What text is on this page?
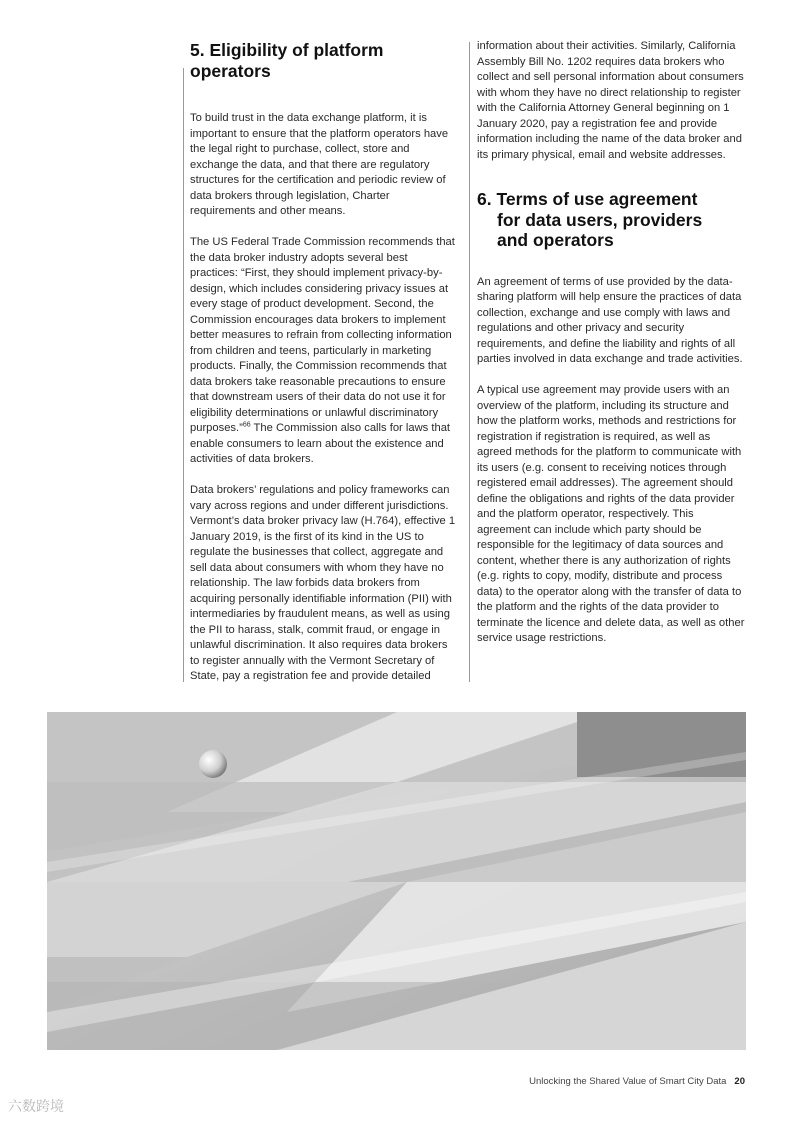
5. Eligibility of platform operators

To build trust in the data exchange platform, it is important to ensure that the platform operators have the legal right to purchase, collect, store and exchange the data, and that there are regulatory structures for the certification and periodic review of data brokers through legislation, Charter requirements and other means.

The US Federal Trade Commission recommends that the data broker industry adopts several best practices: “First, they should implement privacy-by-design, which includes considering privacy issues at every stage of product development. Second, the Commission encourages data brokers to implement better measures to refrain from collecting information from children and teens, particularly in marketing products. Finally, the Commission recommends that data brokers take reasonable precautions to ensure that downstream users of their data do not use it for eligibility determinations or unlawful discriminatory purposes.”$^{66}$ The Commission also calls for laws that enable consumers to learn about the existence and activities of data brokers.

Data brokers’ regulations and policy frameworks can vary across regions and under different jurisdictions. Vermont’s data broker privacy law (H.764), effective 1 January 2019, is the first of its kind in the US to regulate the businesses that collect, aggregate and sell data about consumers with whom they have no relationship. The law forbids data brokers from acquiring personally identifiable information (PII) with intermediaries by fraudulent means, as well as using the PII to harass, stalk, commit fraud, or engage in unlawful discrimination. It also requires data brokers to register annually with the Vermont Secretary of State, pay a registration fee and provide detailed

information about their activities. Similarly, California Assembly Bill No. 1202 requires data brokers who collect and sell personal information about consumers with whom they have no direct relationship to register with the California Attorney General beginning on 1 January 2020, pay a registration fee and provide information including the name of the data broker and its primary physical, email and website addresses.

6. Terms of use agreement
for data users, providers
and operators

An agreement of terms of use provided by the data-sharing platform will help ensure the practices of data collection, exchange and use comply with laws and regulations and other privacy and security requirements, and define the liability and rights of all parties involved in data exchange and trade activities.

A typical use agreement may provide users with an overview of the platform, including its structure and how the platform works, methods and restrictions for registration if registration is required, as well as agreed methods for the platform to communicate with its users (e.g. consent to receiving notices through registered email addresses). The agreement should define the obligations and rights of the data provider and the platform operator, respectively. This agreement can include which party should be responsible for the legitimacy of data sources and content, whether there is any authorization of rights (e.g. rights to copy, modify, distribute and process data) to the operator along with the transfer of data to the platform and the rights of the data provider to terminate the licence and delete data, as well as other service usage restrictions.

Unlocking the Shared Value of Smart City Data 20
六数跨境
